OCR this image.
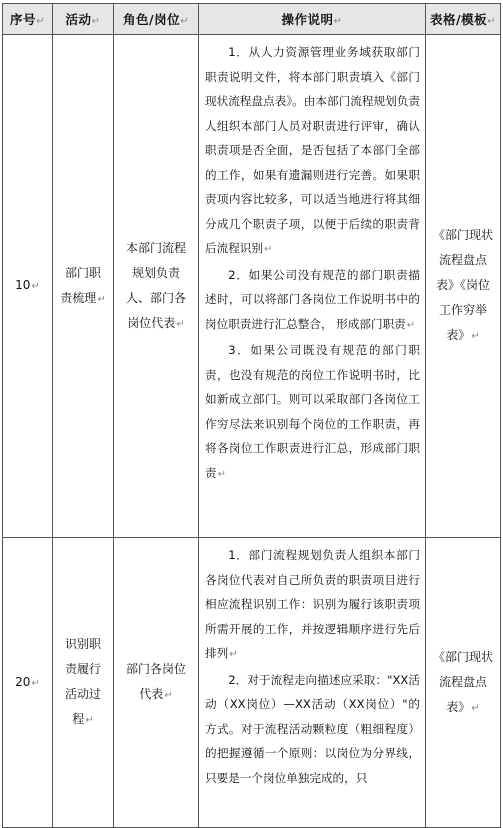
序号↵	活动↵	角色/岗位↵	操作说明↵	表格/模板↵
10↵	部门职责梳理↵	本部门流程规划负责人、部门各岗位代表↵	1．从人力资源管理业务域获取部门职责说明文件，将本部门职责填入《部门现状流程盘点表》。由本部门流程规划负责人组织本部门人员对职责进行评审，确认职责项是否全面，是否包括了本部门全部的工作，如果有遗漏则进行完善。如果职责项内容比较多，可以适当地进行将其细分成几个职责子项，以便于后续的职责背后流程识别↵
2．如果公司没有规范的部门职责描述时，可以将部门各岗位工作说明书中的岗位职责进行汇总整合， 形成部门职责↵
3．如果公司既没有规范的部门职责，也没有规范的岗位工作说明书时，比如新成立部门。则可以采取部门各岗位工作穷尽法来识别每个岗位的工作职责，再将各岗位工作职责进行汇总，形成部门职责↵	《部门现状流程盘点表》《岗位工作穷举表》↵
20↵	识别职责履行活动过程↵	部门各岗位代表↵	1．部门流程规划负责人组织本部门各岗位代表对自己所负责的职责项目进行相应流程识别工作：识别为履行该职责项所需开展的工作，并按逻辑顺序进行先后排列↵
2．对于流程走向描述应采取："XX活动（XX岗位）—XX活动（XX岗位）"的方式。对于流程活动颗粒度（粗细程度）的把握遵循一个原则：以岗位为分界线，只要是一个岗位单独完成的，只	《部门现状流程盘点表》↵
